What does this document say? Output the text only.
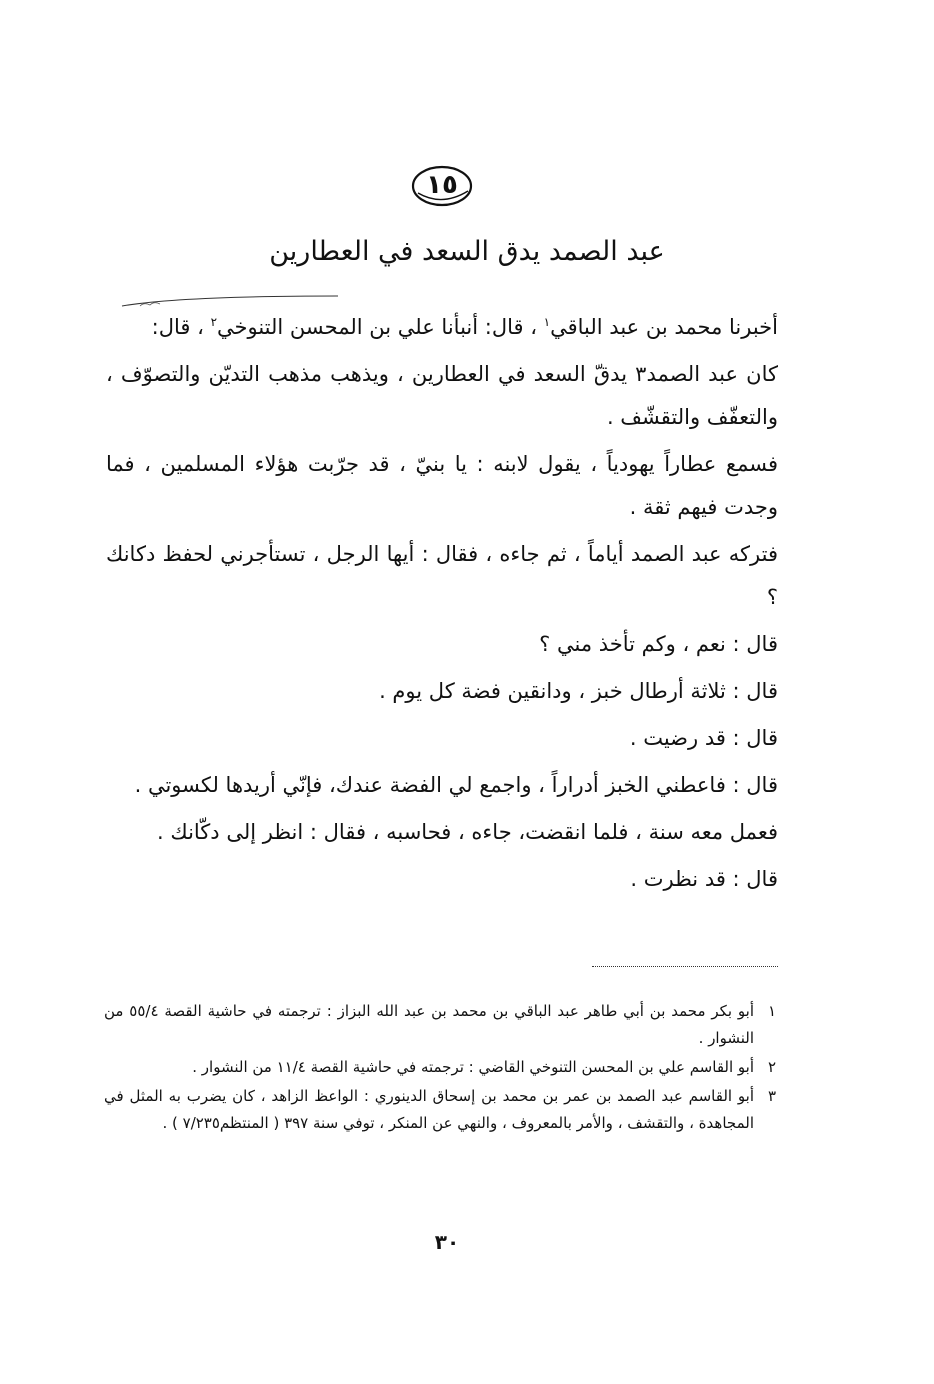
١٥
عبد الصمد يدق السعد في العطارين

أخبرنا محمد بن عبد الباقي$^١$ ، قال: أنبأنا علي بن المحسن التنوخي$^٢$ ، قال:

كان عبد الصمد٣ يدقّ السعد في العطارين ، ويذهب مذهب التديّن والتصوّف ، والتعفّف والتقشّف .

فسمع عطاراً يهودياً ، يقول لابنه : يا بنيّ ، قد جرّبت هؤلاء المسلمين ، فما وجدت فيهم ثقة .

فتركه عبد الصمد أياماً ، ثم جاءه ، فقال : أيها الرجل ، تستأجرني لحفظ دكانك ؟

قال : نعم ، وكم تأخذ مني ؟

قال : ثلاثة أرطال خبز ، ودانقين فضة كل يوم .

قال : قد رضيت .

قال : فاعطني الخبز أدراراً ، واجمع لي الفضة عندك، فإنّي أريدها لكسوتي .

فعمل معه سنة ، فلما انقضت، جاءه ، فحاسبه ، فقال : انظر إلى دكّانك .

قال : قد نظرت .

١
أبو بكر محمد بن أبي طاهر عبد الباقي بن محمد بن عبد الله البزاز : ترجمته في حاشية القصة ٥٥/٤ من النشوار .
٢
أبو القاسم علي بن المحسن التنوخي القاضي : ترجمته في حاشية القصة ١١/٤ من النشوار .
٣
أبو القاسم عبد الصمد بن عمر بن محمد بن إسحاق الدينوري : الواعظ الزاهد ، كان يضرب به المثل في المجاهدة ، والتقشف ، والأمر بالمعروف ، والنهي عن المنكر ، توفي سنة ٣٩٧ ( المنتظم٧/٢٣٥ ) .
٣٠
